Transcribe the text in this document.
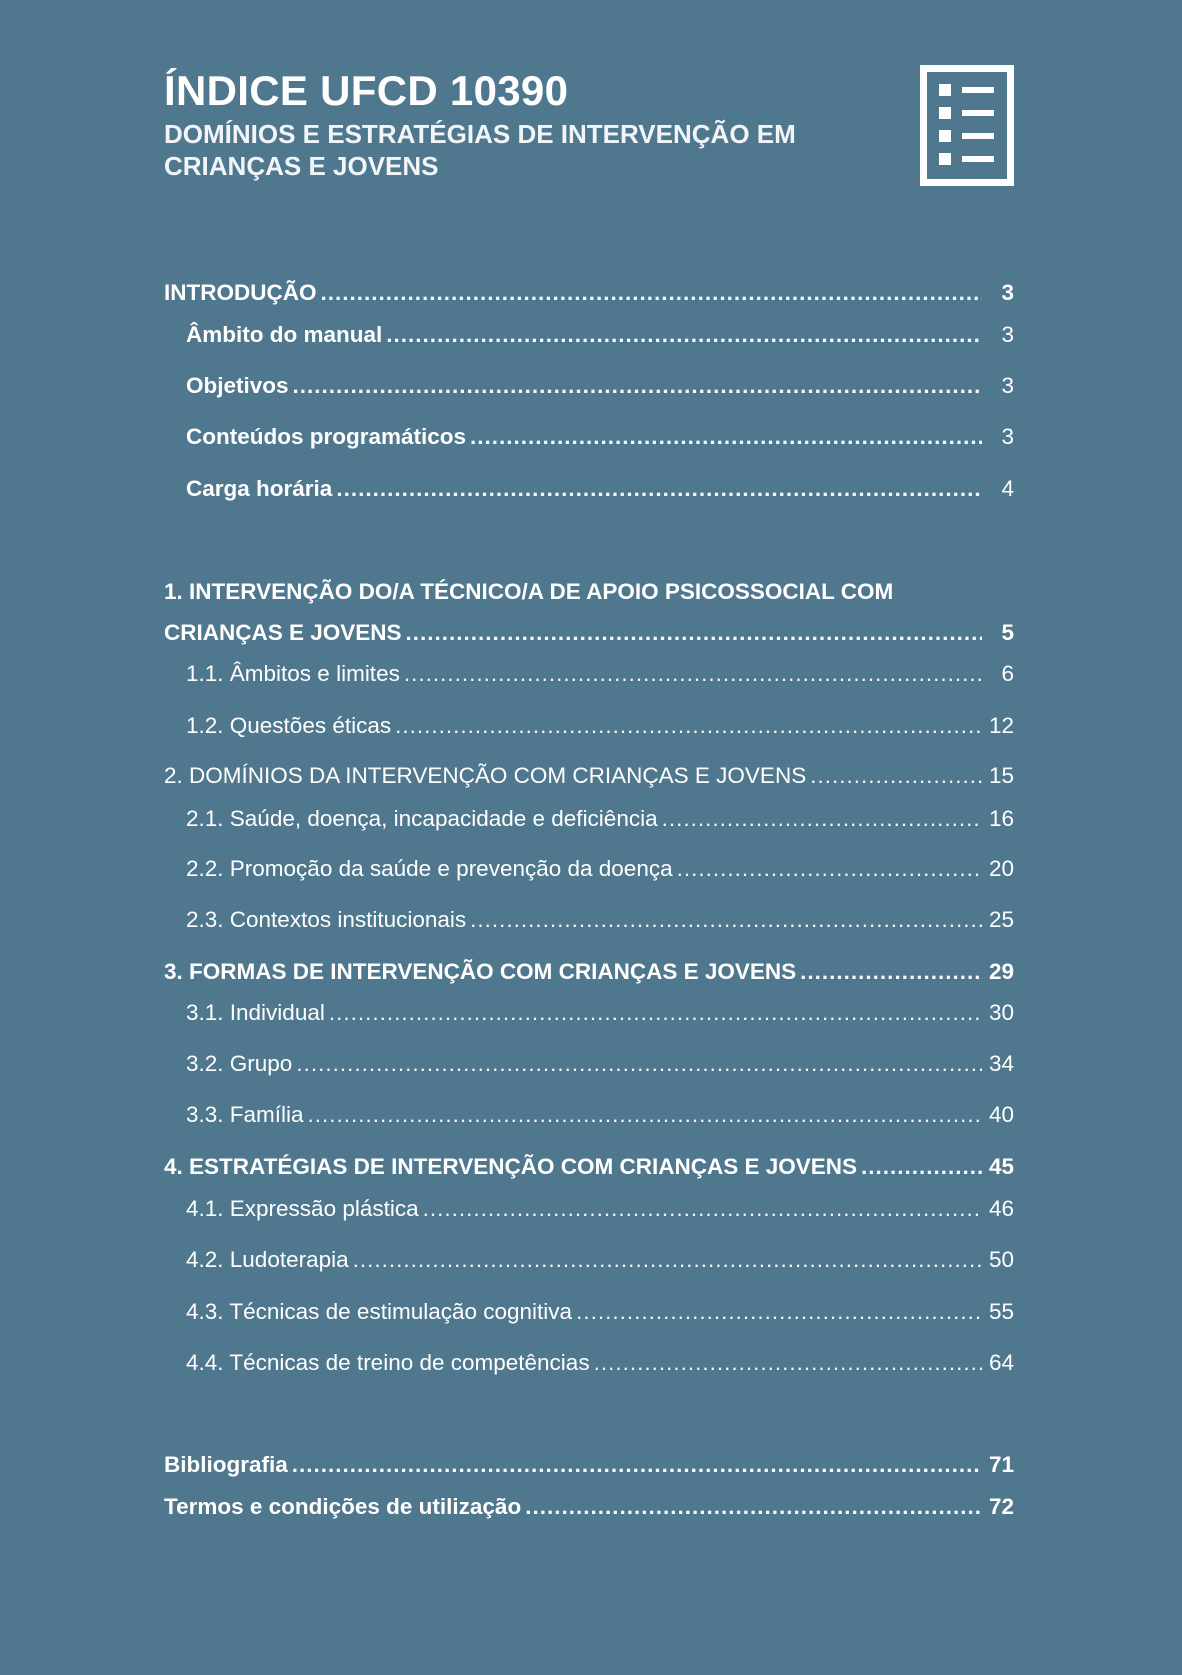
ÍNDICE UFCD 10390
DOMÍNIOS E ESTRATÉGIAS DE INTERVENÇÃO EM
CRIANÇAS E JOVENS
INTRODUÇÃO .....	3
Âmbito do manual .....	3
Objetivos .....	3
Conteúdos programáticos .....	3
Carga horária .....	4
1. INTERVENÇÃO DO/A TÉCNICO/A DE APOIO PSICOSSOCIAL COM
CRIANÇAS E JOVENS .....	5
1.1. Âmbitos e limites .....	6
1.2. Questões éticas .....	12
2. DOMÍNIOS DA INTERVENÇÃO COM CRIANÇAS E JOVENS .....	15
2.1. Saúde, doença, incapacidade e deficiência .....	16
2.2. Promoção da saúde e prevenção da doença .....	20
2.3. Contextos institucionais .....	25
3. FORMAS DE INTERVENÇÃO COM CRIANÇAS E JOVENS .....	29
3.1. Individual .....	30
3.2. Grupo .....	34
3.3. Família .....	40
4. ESTRATÉGIAS DE INTERVENÇÃO COM CRIANÇAS E JOVENS .....	45
4.1. Expressão plástica .....	46
4.2. Ludoterapia .....	50
4.3. Técnicas de estimulação cognitiva .....	55
4.4. Técnicas de treino de competências .....	64
Bibliografia .....	71
Termos e condições de utilização .....	72
